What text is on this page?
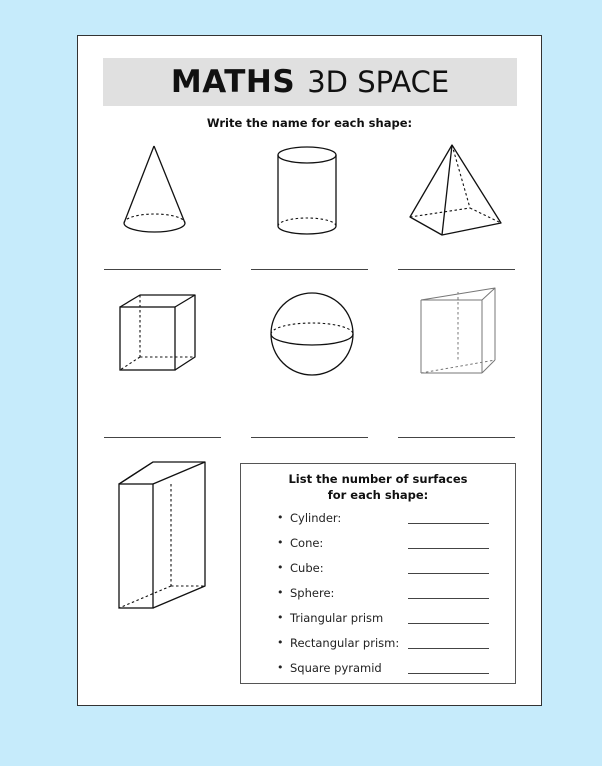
MATHS 3D SPACE
Write the name for each shape:
List the number of surfaces
for each shape:
• Cylinder:
• Cone:
• Cube:
• Sphere:
• Triangular prism
• Rectangular prism:
• Square pyramid
